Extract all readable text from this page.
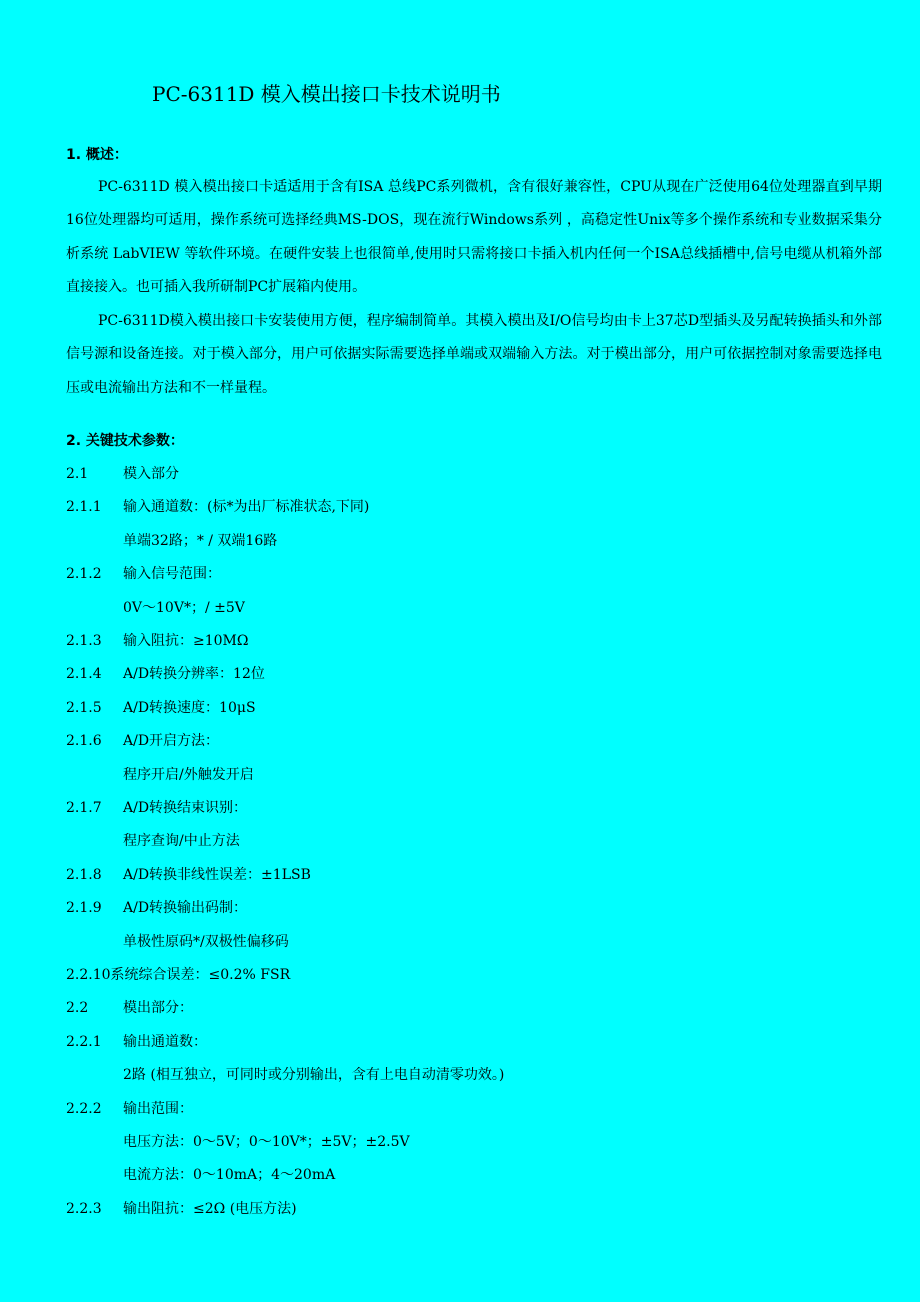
PC-6311D 模入模出接口卡技术说明书
1. 概述：
PC-6311D 模入模出接口卡适适用于含有ISA 总线PC系列微机，含有很好兼容性，CPU从现在广泛使用64位处理器直到早期16位处理器均可适用，操作系统可选择经典MS-DOS，现在流行Windows系列 ，高稳定性Unix等多个操作系统和专业数据采集分析系统 LabVIEW 等软件环境。在硬件安装上也很简单,使用时只需将接口卡插入机内任何一个ISA总线插槽中,信号电缆从机箱外部直接接入。也可插入我所研制PC扩展箱内使用。
PC-6311D模入模出接口卡安装使用方便，程序编制简单。其模入模出及I/O信号均由卡上37芯D型插头及另配转换插头和外部信号源和设备连接。对于模入部分，用户可依据实际需要选择单端或双端输入方法。对于模出部分，用户可依据控制对象需要选择电压或电流输出方法和不一样量程。
2. 关键技术参数：
2.1 模入部分
2.1.1 输入通道数：(标*为出厂标准状态,下同)
单端32路；* / 双端16路
2.1.2 输入信号范围：
0V～10V*；/ ±5V
2.1.3 输入阻抗：≥10MΩ
2.1.4 A/D转换分辨率：12位
2.1.5 A/D转换速度：10μS
2.1.6 A/D开启方法：
程序开启/外触发开启
2.1.7 A/D转换结束识别：
程序查询/中止方法
2.1.8 A/D转换非线性误差：±1LSB
2.1.9 A/D转换输出码制：
单极性原码*/双极性偏移码
2.2.10系统综合误差：≤0.2% FSR
2.2 模出部分：
2.2.1 输出通道数：
2路 (相互独立，可同时或分别输出，含有上电自动清零功效。)
2.2.2 输出范围：
电压方法：0～5V；0～10V*；±5V；±2.5V
电流方法：0～10mA；4～20mA
2.2.3 输出阻抗：≤2Ω (电压方法)
